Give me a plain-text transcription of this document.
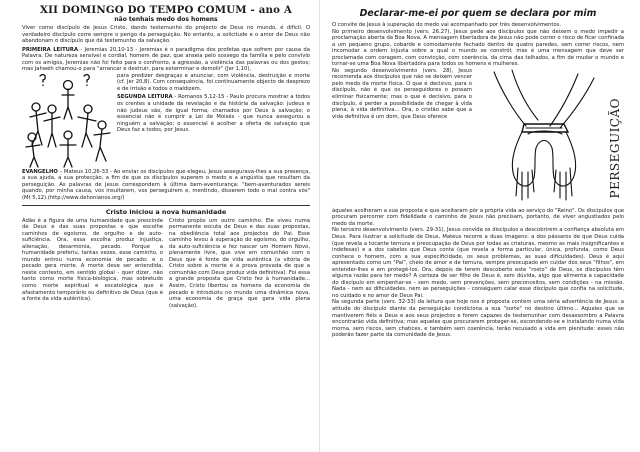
XII DOMINGO DO TEMPO COMUM - ano A
não tenhais medo dos homens

Viver como discípulo de Jesus Cristo, dando testemunho do projecto de Deus no mundo, é difícil. O verdadeiro discípulo corre sempre o perigo da perseguição. No entanto, a solicitude e o amor de Deus não abandonam o discípulo que dá testemunho da salvação.

PRIMEIRA LEITURA - Jeremias 20,10-13 - Jeremias é o paradigma dos profetas que sofrem por causa da Palavra. De natureza sensível e cordial, homem de paz, que anseia pelo sossego da família e pelo convívio com os amigos, Jeremias não foi feito para o confronto, a agressão, a violência das palavras ou dos gestos; mas Jahwéh chamou-o para "arrancar e destruir, para exterminar e demolir" (Jer 1,10),

para predizer desgraças e anunciar, com violência, destruição e morte (cf. Jer 20,8). Com consequência, foi continuamente objecto de desprezo e de irrisão e todos o maldizem.

SEGUNDA LEITURA - Romanos 5,12-15 - Paulo procura mostrar a todos os crentes a unidade da revelação e da história da salvação: judeus e não judeus são, de igual forma, chamados por Deus à salvação; o essencial não é cumprir a Lei de Moisés - que nunca assegurou a ninguém a salvação; o essencial é acolher a oferta de salvação que Deus faz a todos, por Jesus.

EVANGELHO – Mateus 10,26-33 - Ao enviar os discípulos que elegeu, Jesus assegurava-lhes a sua presença, a sua ajuda, a sua protecção, a fim de que os discípulos superem o medo e a angústia que resultam da perseguição. As palavras de Jesus correspondem à última bem-aventurança: "bem-aventurados sereis quando, por minha causa, vos insultarem, vos perseguirem e, mentindo, disserem todo o mal contra vós" (Mt 5,12).(http://www.dehonianos.org/)

Cristo iniciou a nova humanidade

Adão é a figura de uma humanidade que prescinde de Deus e das suas propostas e que escolhe caminhos de egoísmo, de orgulho e de auto-suficiência. Ora, essa escolha produz injustiça, alienação, desarmonia, pecado. Porque a humanidade preferiu, tantas vezes, esse caminho, o mundo entrou numa economia de pecado; e o pecado gera morte. A morte deve ser entendida, neste contexto, em sentido global - quer dizer, não tanto como morte física-biológica, mas sobretudo como morte espiritual e escatológica que é afastamento temporário ou definitivo de Deus (que é a fonte da vida autêntica).

Cristo propôs um outro caminho. Ele viveu numa permanente escuta de Deus e das suas propostas, na obediência total aos projectos do Pai. Esse caminho levou à superação do egoísmo, do orgulho, da auto-suficiência e fez nascer um Homem Novo, plenamente livre, que vive em comunhão com o Deus que é fonte de vida autêntica (a vitória de Cristo sobre a morte é a prova provada de que a comunhão com Deus produz vida definitiva). Foi essa a grande proposta que Cristo fez à humanidade... Assim, Cristo libertou os homens da economia de pecado e introduziu no mundo uma dinâmica nova, uma economia de graça que gera vida plena (salvação).

Declarar-me-ei por quem se declara por mim

O convite de Jesus à superação do medo vai acompanhado por três desenvolvimentos.

No primeiro desenvolvimento (vers. 26.27), Jesus pede aos discípulos que não deixem o medo impedir a proclamação aberta da Boa Nova. A mensagem libertadora de Jesus não pode correr o risco de ficar confinada a um pequeno grupo, cobarde e comodamente fechado dentro de quatro paredes, sem correr riscos, nem incomodar a ordem injusta sobre a qual o mundo se constrói; mas é uma mensagem que deve ser proclamada com coragem, com convicção, com coerência, da cima das telhados, a fim de mudar o mundo e tornar-se uma Boa Nova libertadora para todos os homens e mulheres.

No segundo desenvolvimento (vers. 28), Jesus recomenda aos discípulos que não se deixem vencer pelo medo da morte física. O que é decisivo, para o discípulo, não é que os perseguidores o possam eliminar fisicamente; mas o que é decisivo, para o discípulo, é perder a possibilidade de chegar à vida plena, à vida definitiva... Ora, o cristão sabe que a vida definitiva é um dom, que Deus oferece	PERSEGUIÇÃO

àqueles acolheram a sua proposta e que aceitaram pôr a própria vida ao serviço do "Reino". Os discípulos que procuram percorrer com fidelidade o caminho de Jesus não precisam, portanto, de viver angustiados pelo medo da morte.

No terceiro desenvolvimento (vers. 29-31), Jesus convida os discípulos a descobrirem a confiança absoluta em Deus. Para ilustrar a solicitude de Deus, Mateus recorre a duas imagens: a dos pássaros de que Deus cuida (que revela a tocante ternura e preocupação de Deus por todas as criaturas, mesmo as mais insignificantes e indefesas) e a dos cabelos que Deus conta (que revela a forma particular, única, profunda, como Deus conhece o homem, com a sua especificidade, os seus problemas, as suas dificuldades). Deus é aqui apresentado como um "Pai", cheio de amor e de ternura, sempre preocupado em cuidar dos seus "filhos", em entender-lhes e em protegê-los. Ora, depois de terem descoberto este "rosto" de Deus, os discípulos têm alguma razão para ter medo? A certeza de ser filho de Deus é, sem dúvida, algo que alimenta a capacidade do discípulo em empenhar-se - sem medo, sem prevenções, sem preconceitos, sem condições - na missão. Nada - nem as dificuldades, nem as perseguições - conseguem calar esse discípulo que confia na solicitude, no cuidado e no amor de Deus Pai.

Na segunda parte (vers. 32-33) da leitura que hoje nos é proposta contém uma séria advertência de Jesus: a atitude do discípulo diante da perseguição condiciona a sua "sorte" no destino último... Aqueles que se mantiverem fiéis a Deus e aos seus projectos e forem capazes de testemunhar com desassombro a Palavra encontrarão vida definitiva; mas aqueles que procurarem proteger-se, escondendo-se e instalando numa vida morna, sem riscos, sem chatices, e também sem coerência, terão recusado a vida em plenitude: esses não poderão fazer parte da comunidade de Jesus.
